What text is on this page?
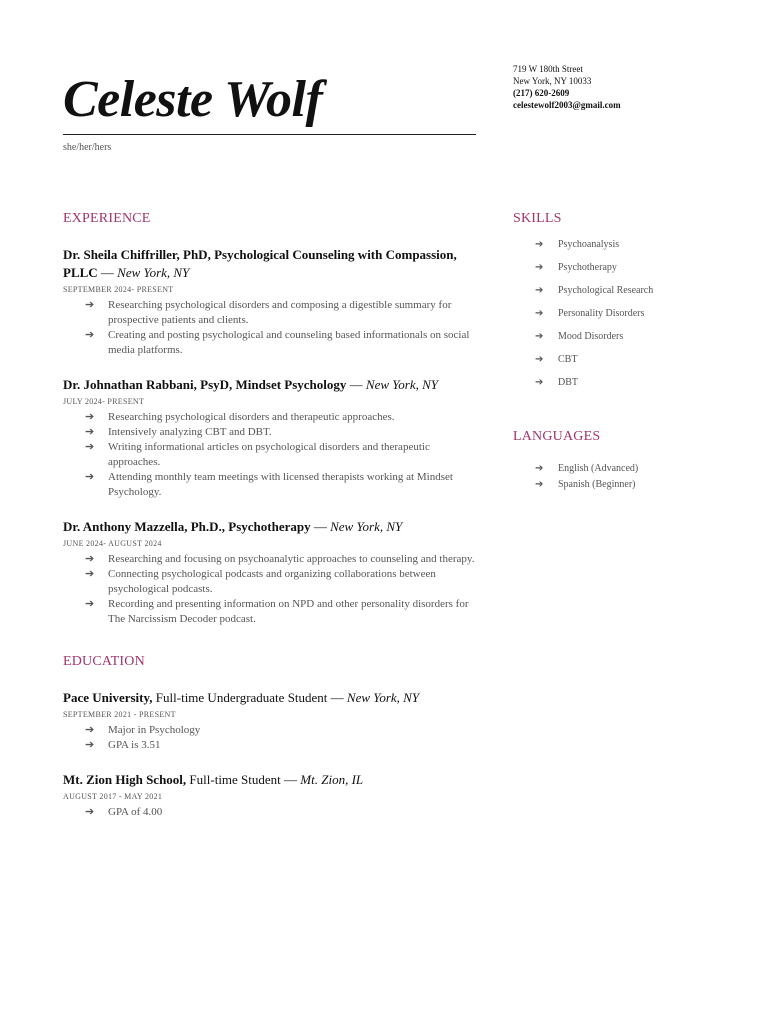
Celeste Wolf
she/her/hers
719 W 180th Street
New York, NY 10033
(217) 620-2609
celestewolf2003@gmail.com
EXPERIENCE

Dr. Sheila Chiffriller, PhD, Psychological Counseling with Compassion, PLLC — New York, NY

SEPTEMBER 2024- PRESENT
➔ Researching psychological disorders and composing a digestible summary for prospective patients and clients.
➔ Creating and posting psychological and counseling based informationals on social media platforms.

Dr. Johnathan Rabbani, PsyD, Mindset Psychology — New York, NY

JULY 2024- PRESENT
➔ Researching psychological disorders and therapeutic approaches.
➔ Intensively analyzing CBT and DBT.
➔ Writing informational articles on psychological disorders and therapeutic approaches.
➔ Attending monthly team meetings with licensed therapists working at Mindset Psychology.

Dr. Anthony Mazzella, Ph.D., Psychotherapy — New York, NY

JUNE 2024- AUGUST 2024
➔ Researching and focusing on psychoanalytic approaches to counseling and therapy.
➔ Connecting psychological podcasts and organizing collaborations between psychological podcasts.
➔ Recording and presenting information on NPD and other personality disorders for The Narcissism Decoder podcast.
EDUCATION

Pace University, Full-time Undergraduate Student — New York, NY

SEPTEMBER 2021 - PRESENT
➔ Major in Psychology
➔ GPA is 3.51

Mt. Zion High School, Full-time Student — Mt. Zion, IL

AUGUST 2017 - MAY 2021
➔ GPA of 4.00
SKILLS
➔ Psychoanalysis
➔ Psychotherapy
➔ Psychological Research
➔ Personality Disorders
➔ Mood Disorders
➔ CBT
➔ DBT
LANGUAGES
➔ English (Advanced)
➔ Spanish (Beginner)
